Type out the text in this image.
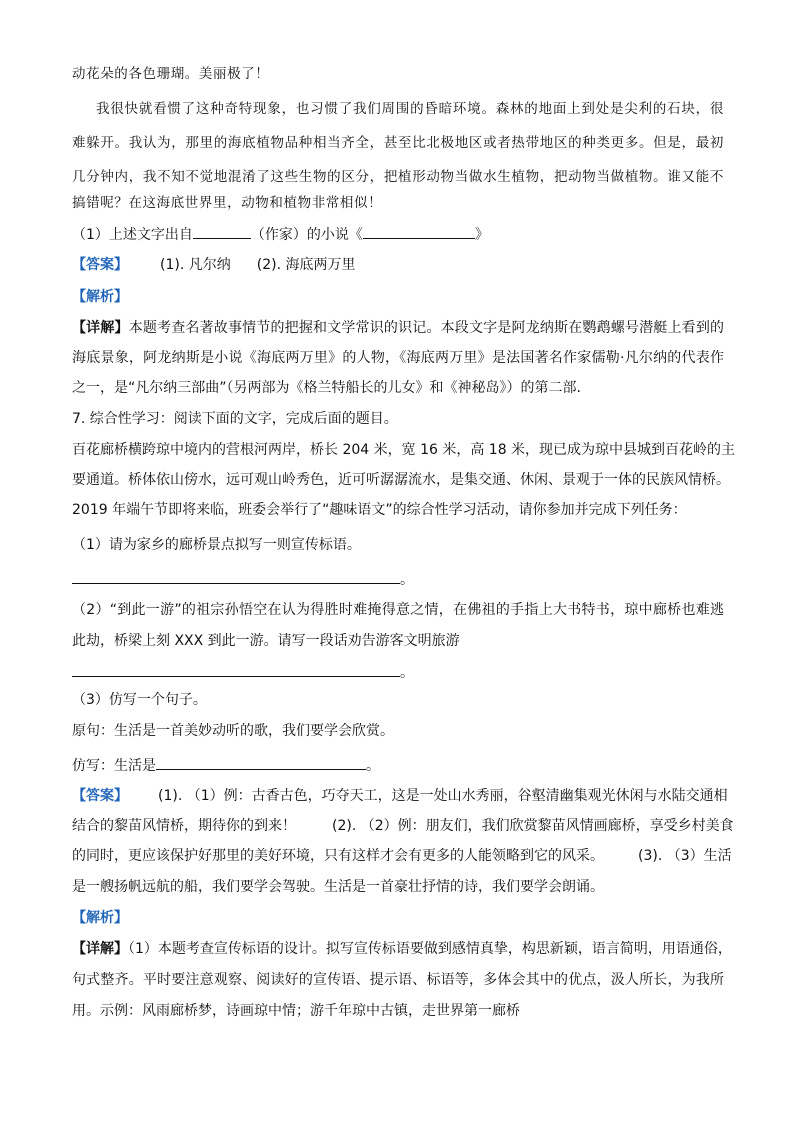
动花朵的各色珊瑚。美丽极了！
我很快就看惯了这种奇特现象，也习惯了我们周围的昏暗环境。森林的地面上到处是尖利的石块，很
难躲开。我认为，那里的海底植物品种相当齐全，甚至比北极地区或者热带地区的种类更多。但是，最初
几分钟内，我不知不觉地混淆了这些生物的区分，把植形动物当做水生植物，把动物当做植物。谁又能不
搞错呢？在这海底世界里，动物和植物非常相似！
（1）上述文字出自	（作家）的小说《	》
【答案】 (1). 凡尔纳 (2). 海底两万里
【解析】
【详解】本题考查名著故事情节的把握和文学常识的识记。本段文字是阿龙纳斯在鹦鹉螺号潜艇上看到的
海底景象，阿龙纳斯是小说《海底两万里》的人物，《海底两万里》是法国著名作家儒勒·凡尔纳的代表作
之一，是“凡尔纳三部曲”（另两部为《格兰特船长的儿女》和《神秘岛》）的第二部.
7. 综合性学习：阅读下面的文字，完成后面的题目。
百花廊桥横跨琼中境内的营根河两岸，桥长 204 米，宽 16 米，高 18 米，现已成为琼中县城到百花岭的主
要通道。桥体依山傍水，远可观山岭秀色，近可听潺潺流水，是集交通、休闲、景观于一体的民族风情桥。
2019 年端午节即将来临，班委会举行了“趣味语文”的综合性学习活动，请你参加并完成下列任务：
（1）请为家乡的廊桥景点拟写一则宣传标语。
。
（2）“到此一游”的祖宗孙悟空在认为得胜时难掩得意之情，在佛祖的手指上大书特书，琼中廊桥也难逃
此劫，桥梁上刻 XXX 到此一游。请写一段话劝告游客文明旅游
。
（3）仿写一个句子。
原句：生活是一首美妙动听的歌，我们要学会欣赏。
仿写：生活是	。
【答案】 (1). （1）例：古香古色，巧夺天工，这是一处山水秀丽，谷壑清幽集观光休闲与水陆交通相
结合的黎苗风情桥，期待你的到来！	(2). （2）例：朋友们，我们欣赏黎苗风情画廊桥，享受乡村美食
的同时，更应该保护好那里的美好环境，只有这样才会有更多的人能领略到它的风采。 (3). （3）生活
是一艘扬帆远航的船，我们要学会驾驶。生活是一首豪壮抒情的诗，我们要学会朗诵。
【解析】
【详解】（1）本题考查宣传标语的设计。拟写宣传标语要做到感情真挚，构思新颖，语言简明，用语通俗，
句式整齐。平时要注意观察、阅读好的宣传语、提示语、标语等，多体会其中的优点，汲人所长，为我所
用。示例：风雨廊桥梦，诗画琼中情；游千年琼中古镇，走世界第一廊桥
